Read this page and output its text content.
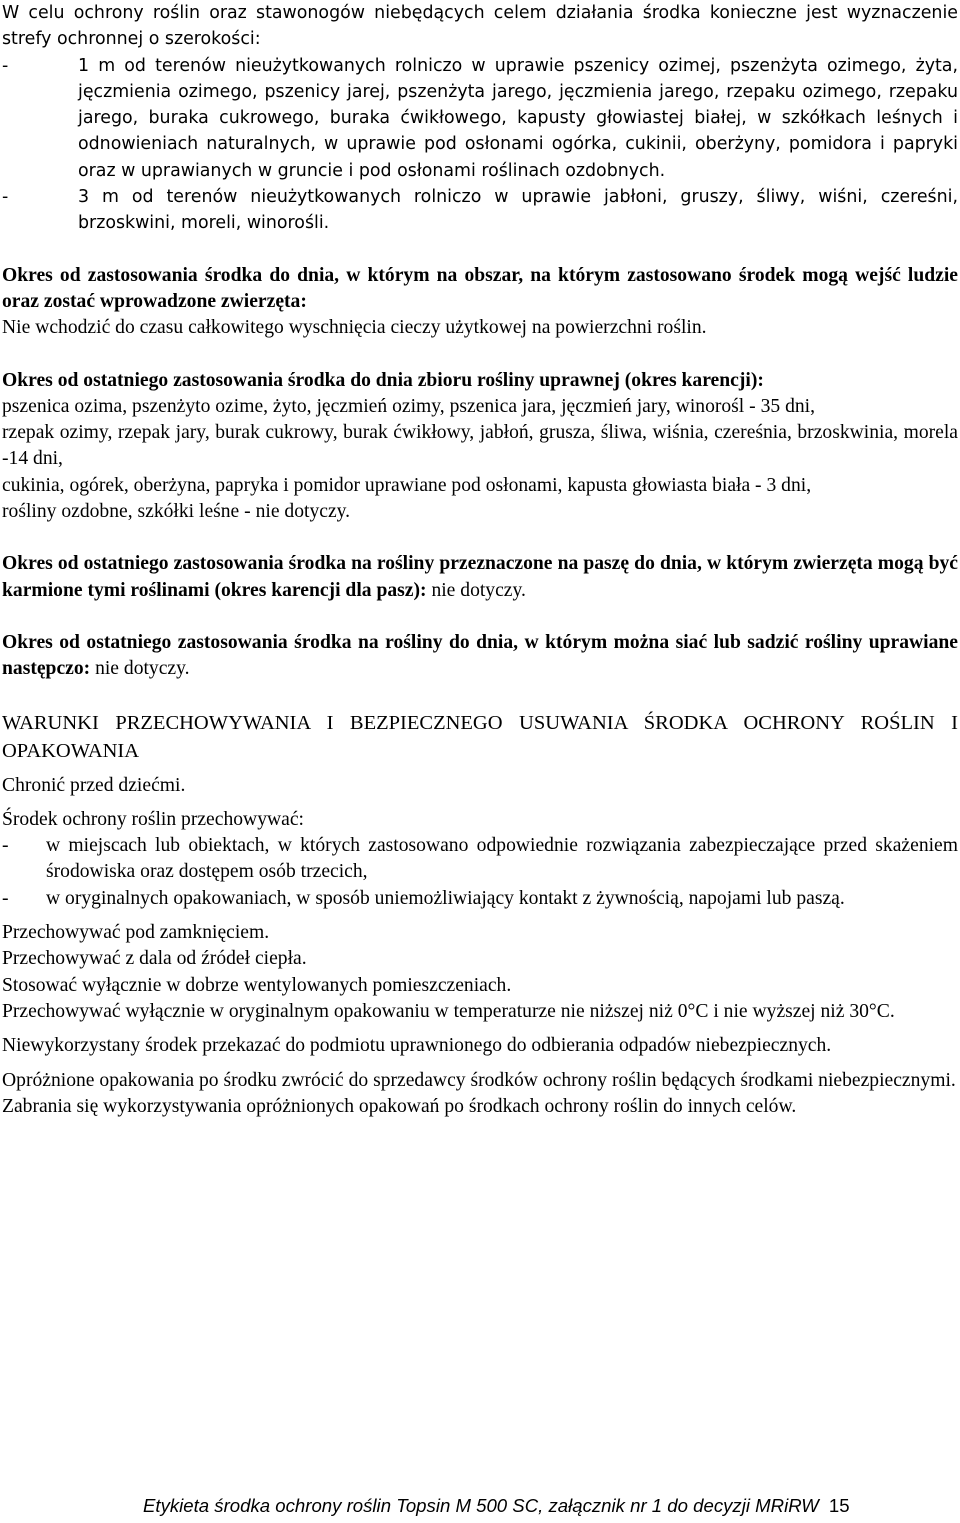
W celu ochrony roślin oraz stawonogów niebędących celem działania środka konieczne jest wyznaczenie strefy ochronnej o szerokości:

-	1 m od terenów nieużytkowanych rolniczo w uprawie pszenicy ozimej, pszenżyta ozimego, żyta, jęczmienia ozimego, pszenicy jarej, pszenżyta jarego, jęczmienia jarego, rzepaku ozimego, rzepaku jarego, buraka cukrowego, buraka ćwikłowego, kapusty głowiastej białej, w szkółkach leśnych i odnowieniach naturalnych, w uprawie pod osłonami ogórka, cukinii, oberżyny, pomidora i papryki oraz w uprawianych w gruncie i pod osłonami roślinach ozdobnych.
-	3 m od terenów nieużytkowanych rolniczo w uprawie jabłoni, gruszy, śliwy, wiśni, czereśni, brzoskwini, moreli, winorośli.

Okres od zastosowania środka do dnia, w którym na obszar, na którym zastosowano środek mogą wejść ludzie oraz zostać wprowadzone zwierzęta:
Nie wchodzić do czasu całkowitego wyschnięcia cieczy użytkowej na powierzchni roślin.

Okres od ostatniego zastosowania środka do dnia zbioru rośliny uprawnej (okres karencji):

pszenica ozima, pszenżyto ozime, żyto, jęczmień ozimy, pszenica jara, jęczmień jary, winorośl - 35 dni,

rzepak ozimy, rzepak jary, burak cukrowy, burak ćwikłowy, jabłoń, grusza, śliwa, wiśnia, czereśnia, brzoskwinia, morela -14 dni,

cukinia, ogórek, oberżyna, papryka i pomidor uprawiane pod osłonami, kapusta głowiasta biała - 3 dni,

rośliny ozdobne, szkółki leśne - nie dotyczy.

Okres od ostatniego zastosowania środka na rośliny przeznaczone na paszę do dnia, w którym zwierzęta mogą być karmione tymi roślinami (okres karencji dla pasz): nie dotyczy.

Okres od ostatniego zastosowania środka na rośliny do dnia, w którym można siać lub sadzić rośliny uprawiane następczo: nie dotyczy.

WARUNKI PRZECHOWYWANIA I BEZPIECZNEGO USUWANIA ŚRODKA OCHRONY ROŚLIN I OPAKOWANIA

Chronić przed dziećmi.

Środek ochrony roślin przechowywać:

-	w miejscach lub obiektach, w których zastosowano odpowiednie rozwiązania zabezpieczające przed skażeniem środowiska oraz dostępem osób trzecich,
-	w oryginalnych opakowaniach, w sposób uniemożliwiający kontakt z żywnością, napojami lub paszą.

Przechowywać pod zamknięciem.

Przechowywać z dala od źródeł ciepła.

Stosować wyłącznie w dobrze wentylowanych pomieszczeniach.

Przechowywać wyłącznie w oryginalnym opakowaniu w temperaturze nie niższej niż 0°C i nie wyższej niż 30°C.

Niewykorzystany środek przekazać do podmiotu uprawnionego do odbierania odpadów niebezpiecznych.

Opróżnione opakowania po środku zwrócić do sprzedawcy środków ochrony roślin będących środkami niebezpiecznymi.

Zabrania się wykorzystywania opróżnionych opakowań po środkach ochrony roślin do innych celów.

Etykieta środka ochrony roślin Topsin M 500 SC, załącznik nr 1 do decyzji MRiRW 15
